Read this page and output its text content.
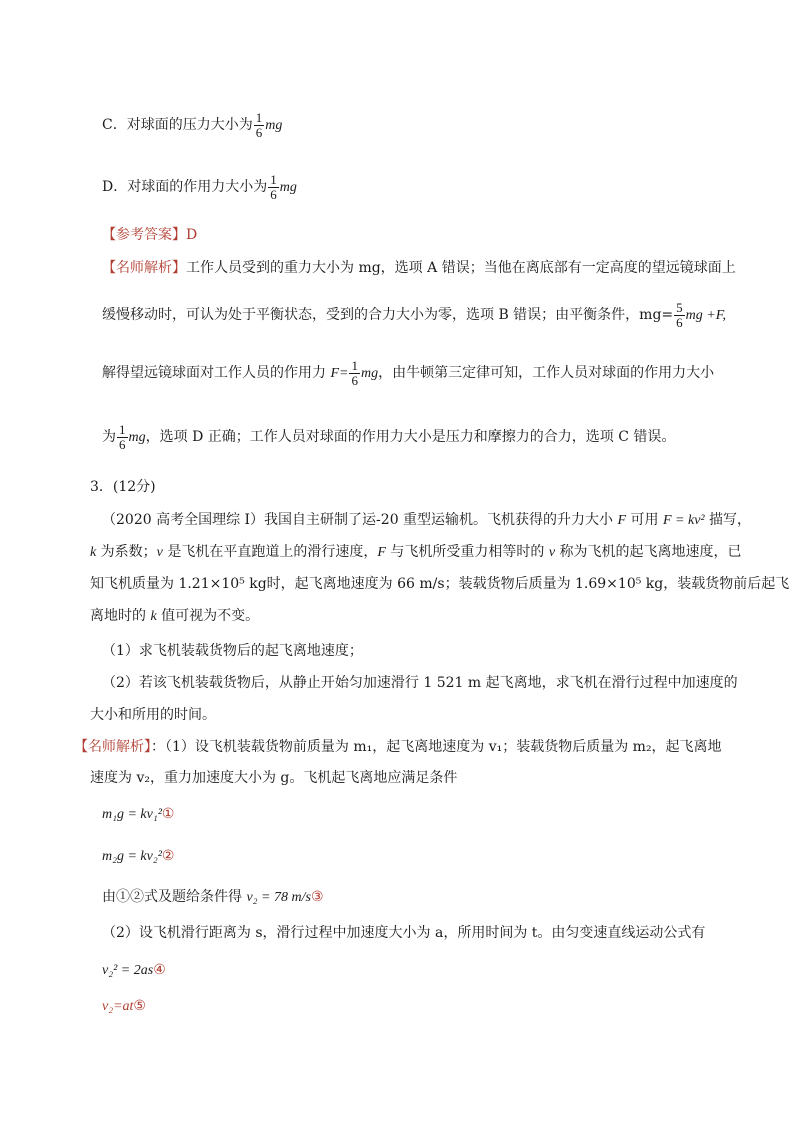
C．对球面的压力大小为 $\frac{1}{6}$ mg
D．对球面的作用力大小为 $\frac{1}{6}$ mg
【参考答案】D
【名师解析】工作人员受到的重力大小为 mg，选项 A 错误；当他在离底部有一定高度的望远镜球面上
缓慢移动时，可认为处于平衡状态，受到的合力大小为零，选项 B 错误；由平衡条件，$mg= \frac{5}{6}$ mg +F,
解得望远镜球面对工作人员的作用力 $F= \frac{1}{6}$ mg，由牛顿第三定律可知，工作人员对球面的作用力大小
为 $\frac{1}{6}$ mg，选项 D 正确；工作人员对球面的作用力大小是压力和摩擦力的合力，选项 C 错误。
3．(12分)
（2020 高考全国理综 I）我国自主研制了运-20 重型运输机。飞机获得的升力大小 F 可用 F = kv² 描写，
k 为系数；v 是飞机在平直跑道上的滑行速度，F 与飞机所受重力相等时的 v 称为飞机的起飞离地速度，已
知飞机质量为 1.21×10⁵ kg时，起飞离地速度为 66 m/s；装载货物后质量为 1.69×10⁵ kg，装载货物前后起飞
离地时的 k 值可视为不变。
（1）求飞机装载货物后的起飞离地速度；
（2）若该飞机装载货物后，从静止开始匀加速滑行 1 521 m 起飞离地，求飞机在滑行过程中加速度的
大小和所用的时间。
【名师解析】：（1）设飞机装载货物前质量为 m₁，起飞离地速度为 v₁；装载货物后质量为 m₂，起飞离地
速度为 v₂，重力加速度大小为 g。飞机起飞离地应满足条件
m₁g = kv₁²①
m₂g = kv₂²②
由①②式及题给条件得 v₂ = 78 m/s③
（2）设飞机滑行距离为 s，滑行过程中加速度大小为 a，所用时间为 t。由匀变速直线运动公式有
v₂² = 2as④
v₂=at⑤
